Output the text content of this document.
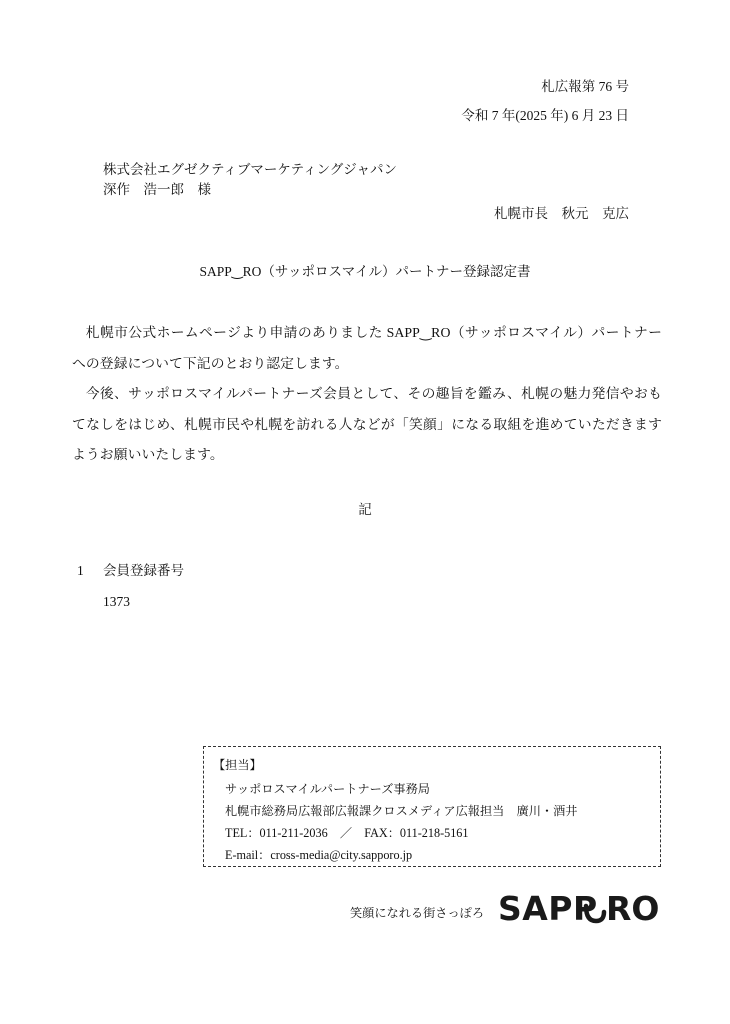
札広報第 76 号
令和 7 年(2025 年) 6 月 23 日
株式会社エグゼクティブマーケティングジャパン
深作　浩一郎　様
札幌市長　秋元　克広
SAPP‿RO（サッポロスマイル）パートナー登録認定書

札幌市公式ホームページより申請のありました SAPP‿RO（サッポロスマイル）パートナーへの登録について下記のとおり認定します。

今後、サッポロスマイルパートナーズ会員として、その趣旨を鑑み、札幌の魅力発信やおもてなしをはじめ、札幌市民や札幌を訪れる人などが「笑顔」になる取組を進めていただきますようお願いいたします。

記
1 会員登録番号
1373
【担当】
サッポロスマイルパートナーズ事務局
札幌市総務局広報部広報課クロスメディア広報担当　廣川・酒井
TEL：011-211-2036　／　FAX：011-218-5161
E-mail：cross-media@city.sapporo.jp
笑顔になれる街さっぽろ SAPP RO
